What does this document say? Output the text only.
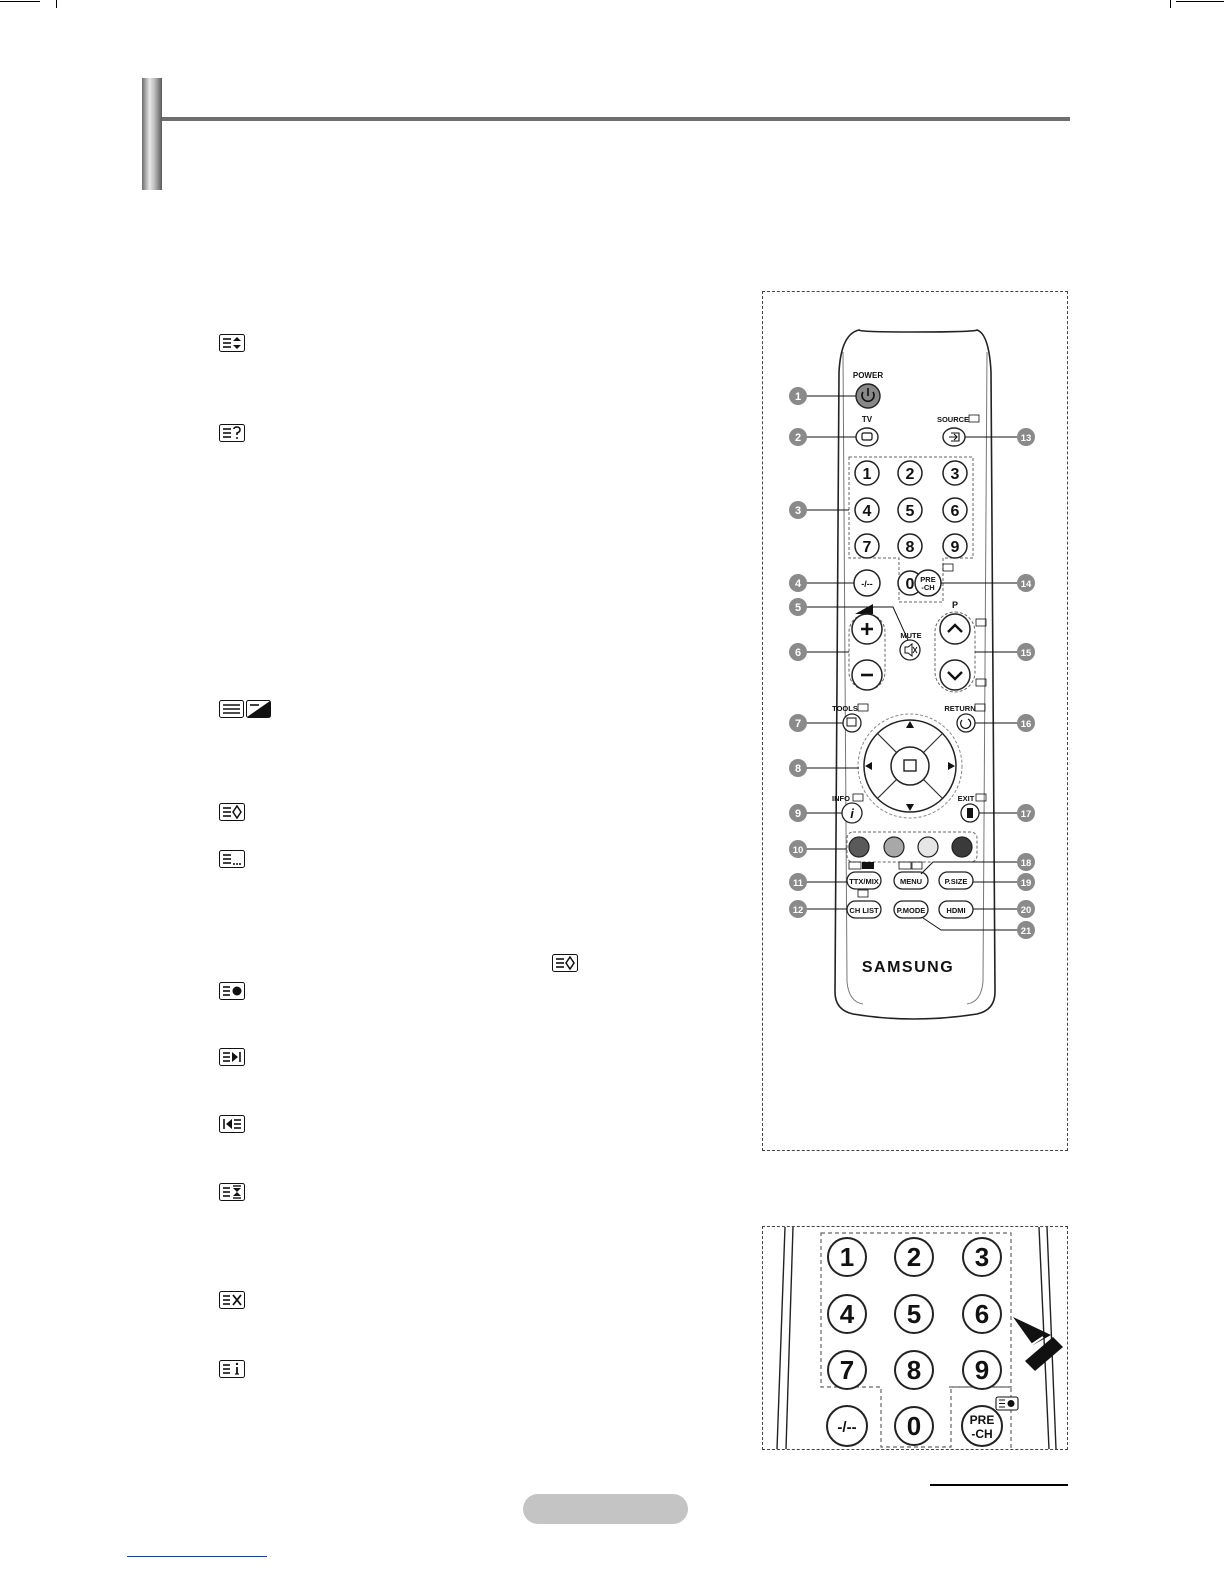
POWER
TV	SOURCE
1 2 3
4 5 6
7 8 9
0
-/--	PRE
-CH
MUTE
P
TOOLS	RETURN
INFO
i
EXIT
TTX/MIX	MENU	P.SIZE
CH LIST P.MODE	HDMI
SAMSUNG
1
2
3
4
5
6
7
8
9
10
11
12
13
14
15
16
17
18
19
20
21
1 2 3
4 5 6
7 8 9
0
-/--	PRE
-CH
